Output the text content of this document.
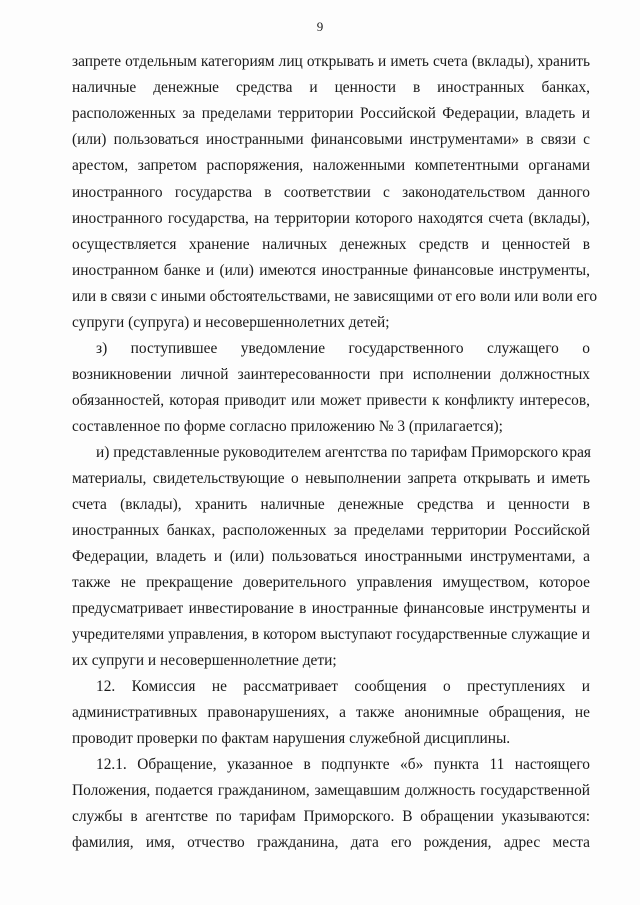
9
запрете отдельным категориям лиц открывать и иметь счета (вклады), хранить
наличные денежные средства и ценности в иностранных банках,
расположенных за пределами территории Российской Федерации, владеть и
(или) пользоваться иностранными финансовыми инструментами» в связи с
арестом, запретом распоряжения, наложенными компетентными органами
иностранного государства в соответствии с законодательством данного
иностранного государства, на территории которого находятся счета (вклады),
осуществляется хранение наличных денежных средств и ценностей в
иностранном банке и (или) имеются иностранные финансовые инструменты,
или в связи с иными обстоятельствами, не зависящими от его воли или воли его
супруги (супруга) и несовершеннолетних детей;
з) поступившее уведомление государственного служащего о
возникновении личной заинтересованности при исполнении должностных
обязанностей, которая приводит или может привести к конфликту интересов,
составленное по форме согласно приложению № 3 (прилагается);
и) представленные руководителем агентства по тарифам Приморского края
материалы, свидетельствующие о невыполнении запрета открывать и иметь
счета (вклады), хранить наличные денежные средства и ценности в
иностранных банках, расположенных за пределами территории Российской
Федерации, владеть и (или) пользоваться иностранными инструментами, а
также не прекращение доверительного управления имуществом, которое
предусматривает инвестирование в иностранные финансовые инструменты и
учредителями управления, в котором выступают государственные служащие и
их супруги и несовершеннолетние дети;
12. Комиссия не рассматривает сообщения о преступлениях и
административных правонарушениях, а также анонимные обращения, не
проводит проверки по фактам нарушения служебной дисциплины.
12.1. Обращение, указанное в подпункте «б» пункта 11 настоящего
Положения, подается гражданином, замещавшим должность государственной
службы в агентстве по тарифам Приморского. В обращении указываются:
фамилия, имя, отчество гражданина, дата его рождения, адрес места
